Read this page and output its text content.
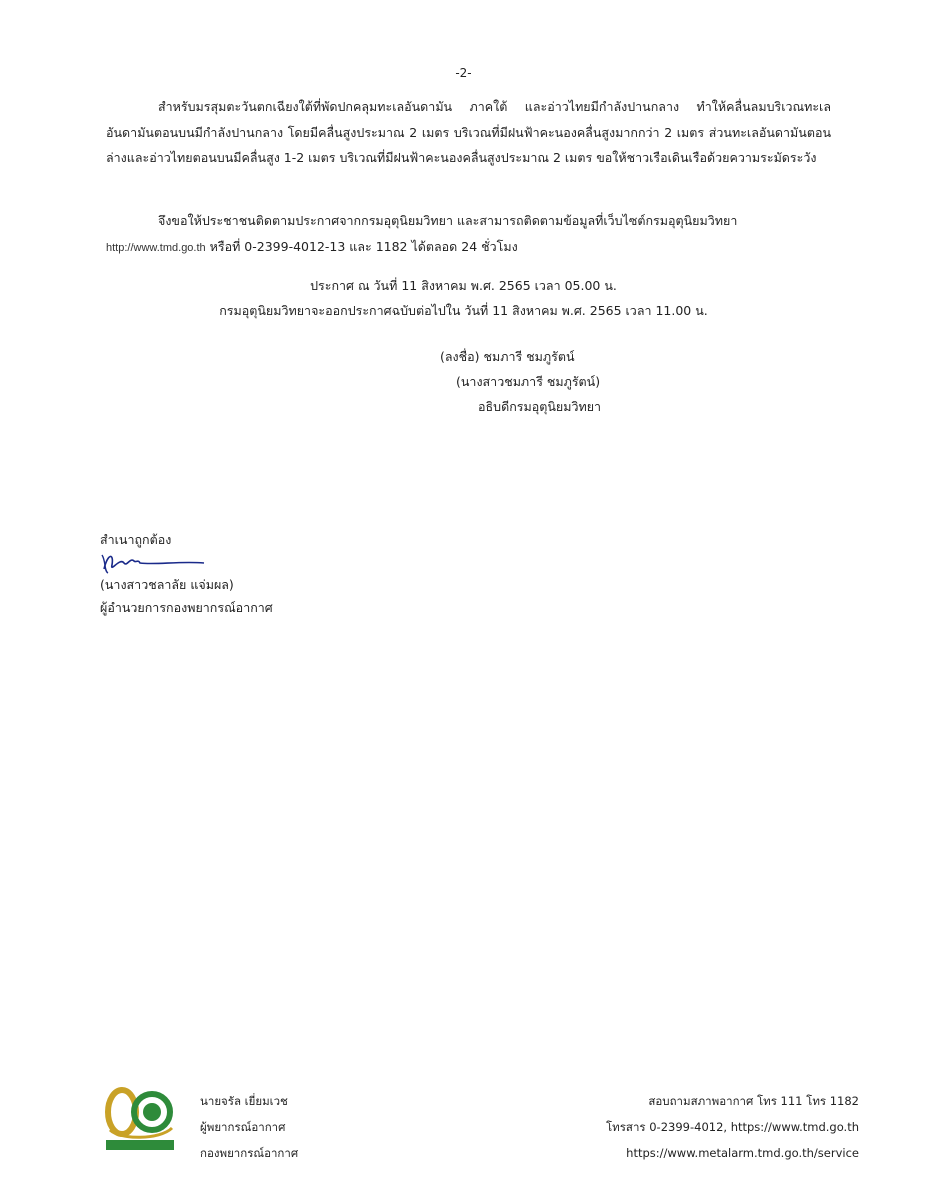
-2-
สำหรับมรสุมตะวันตกเฉียงใต้ที่พัดปกคลุมทะเลอันดามัน ภาคใต้ และอ่าวไทยมีกำลังปานกลาง ทำให้คลื่นลมบริเวณทะเลอันดามันตอนบนมีกำลังปานกลาง โดยมีคลื่นสูงประมาณ 2 เมตร บริเวณที่มีฝนฟ้าคะนองคลื่นสูงมากกว่า 2 เมตร ส่วนทะเลอันดามันตอนล่างและอ่าวไทยตอนบนมีคลื่นสูง 1-2 เมตร บริเวณที่มีฝนฟ้าคะนองคลื่นสูงประมาณ 2 เมตร ขอให้ชาวเรือเดินเรือด้วยความระมัดระวัง
จึงขอให้ประชาชนติดตามประกาศจากกรมอุตุนิยมวิทยา และสามารถติดตามข้อมูลที่เว็บไซต์กรมอุตุนิยมวิทยา
http://www.tmd.go.th หรือที่ 0-2399-4012-13 และ 1182 ได้ตลอด 24 ชั่วโมง
ประกาศ ณ วันที่ 11 สิงหาคม พ.ศ. 2565 เวลา 05.00 น.
กรมอุตุนิยมวิทยาจะออกประกาศฉบับต่อไปใน วันที่ 11 สิงหาคม พ.ศ. 2565 เวลา 11.00 น.
(ลงชื่อ) ชมภารี ชมภูรัตน์
(นางสาวชมภารี ชมภูรัตน์)
อธิบดีกรมอุตุนิยมวิทยา
สำเนาถูกต้อง
(นางสาวชลาลัย แจ่มผล)
ผู้อำนวยการกองพยากรณ์อากาศ
นายจรัล เยี่ยมเวช
ผู้พยากรณ์อากาศ
กองพยากรณ์อากาศ
สอบถามสภาพอากาศ โทร 111 โทร 1182
โทรสาร 0-2399-4012, https://www.tmd.go.th
https://www.metalarm.tmd.go.th/service
